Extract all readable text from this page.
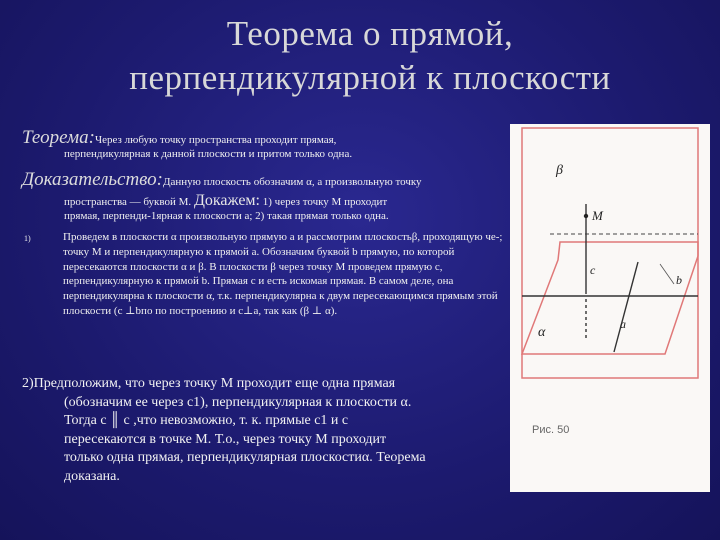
Теорема о прямой,
перпендикулярной к плоскости
Теорема:Через любую точку пространства проходит прямая,
перпендикулярная к данной плоскости и притом только одна.
Доказательство:Данную плоскость обозначим α, а произвольную точку
пространства — буквой М. Докажем: 1) через точку М проходит
прямая, перпенди-1ярная к плоскости а; 2) такая прямая только одна.
1)	Проведем в плоскости α произвольную прямую а и рассмотрим плоскостьβ, проходящую че-; точку М и перпендикулярную к прямой а. Обозначим буквой b прямую, по которой пересекаются плоскости α и β. В плоскости β через точку М проведем прямую с, перпендикулярную к прямой b. Прямая с и есть искомая прямая. В самом деле, она перпендикулярна к плоскости α, т.к. перпендикулярна к двум пересекающимся прямым этой плоскости (с ⊥bпо по построению и с⊥а, так как (β ⊥ α).
2)Предположим, что через точку М проходит еще одна прямая
(обозначим ее через с1), перпендикулярная к плоскости α.
Тогда с ║ с ,что невозможно, т. к. прямые с1 и с
пересекаются в точке М. Т.о., через точку М проходит
только одна прямая, перпендикулярная плоскостиα. Теорема
доказана.
β
M
c
b
a
α
Рис. 50
